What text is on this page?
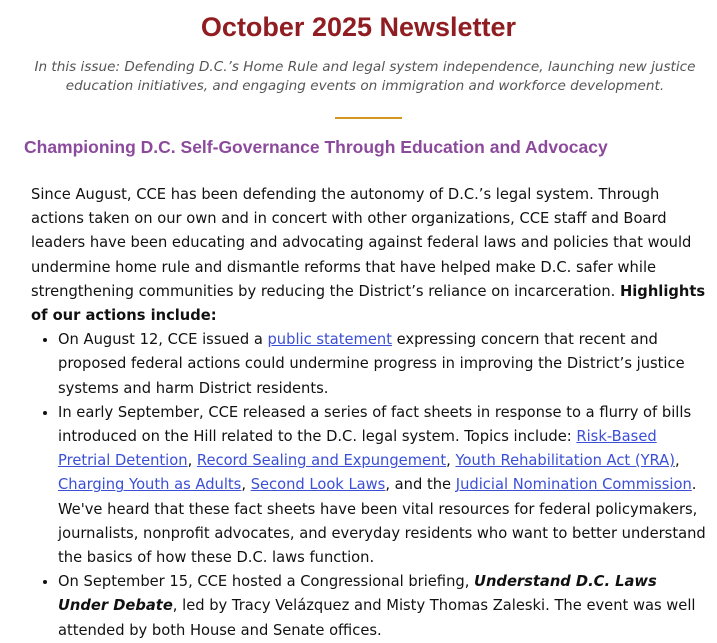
October 2025 Newsletter

In this issue: Defending D.C.’s Home Rule and legal system independence, launching new justice education initiatives, and engaging events on immigration and workforce development.

Championing D.C. Self-Governance Through Education and Advocacy

Since August, CCE has been defending the autonomy of D.C.’s legal system. Through actions taken on our own and in concert with other organizations, CCE staff and Board leaders have been educating and advocating against federal laws and policies that would undermine home rule and dismantle reforms that have helped make D.C. safer while strengthening communities by reducing the District’s reliance on incarceration. Highlights of our actions include:

• On August 12, CCE issued a public statement expressing concern that recent and proposed federal actions could undermine progress in improving the District’s justice systems and harm District residents.
• In early September, CCE released a series of fact sheets in response to a flurry of bills introduced on the Hill related to the D.C. legal system. Topics include: Risk-Based Pretrial Detention, Record Sealing and Expungement, Youth Rehabilitation Act (YRA), Charging Youth as Adults, Second Look Laws, and the Judicial Nomination Commission. We've heard that these fact sheets have been vital resources for federal policymakers, journalists, nonprofit advocates, and everyday residents who want to better understand the basics of how these D.C. laws function.
• On September 15, CCE hosted a Congressional briefing, Understand D.C. Laws Under Debate, led by Tracy Velázquez and Misty Thomas Zaleski. The event was well attended by both House and Senate offices.
